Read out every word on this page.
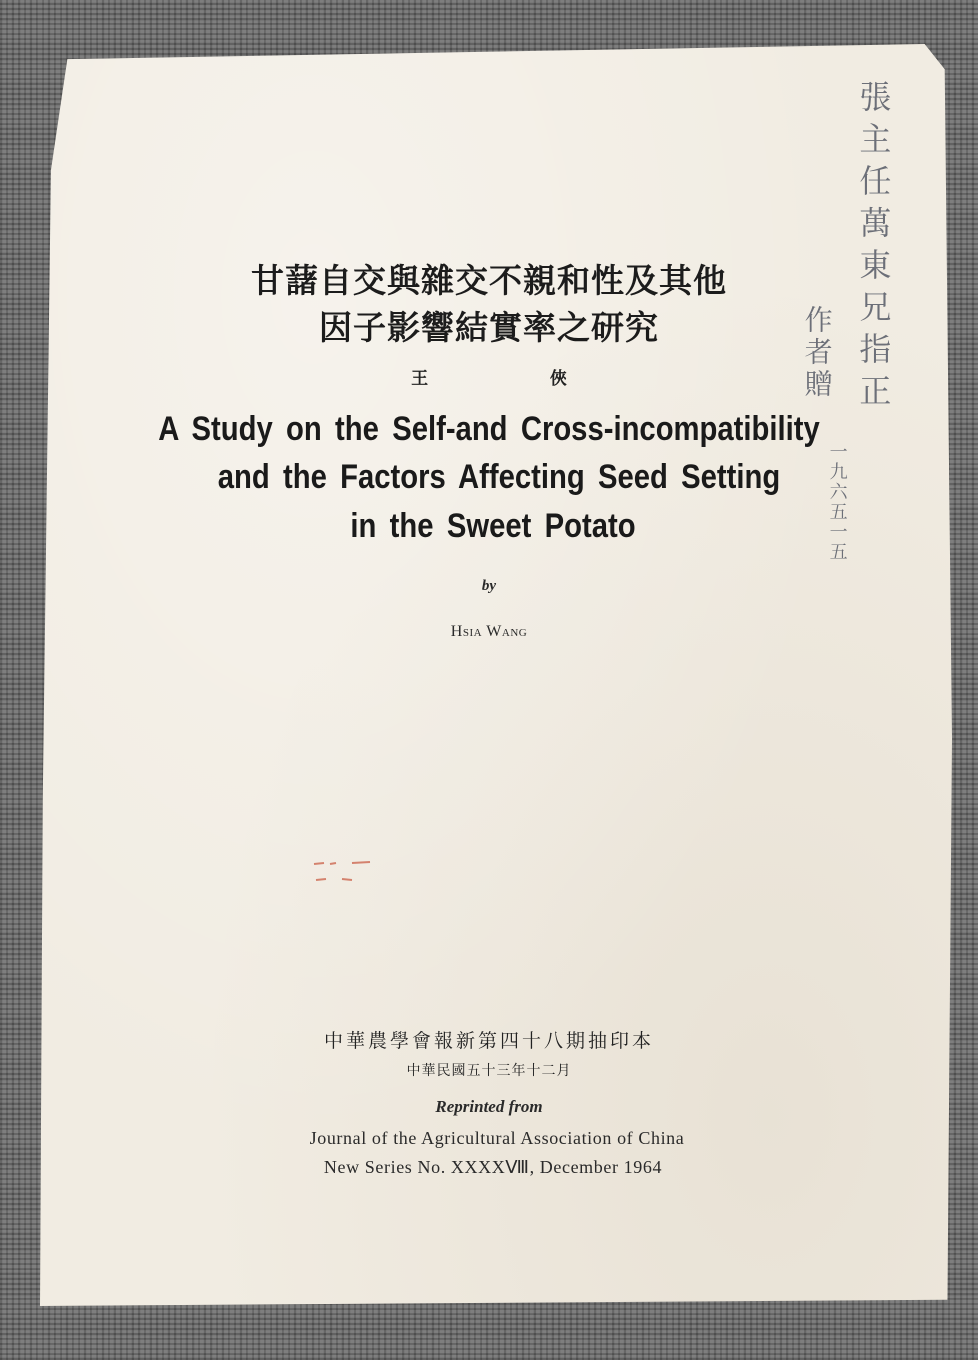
甘藷自交與雜交不親和性及其他
因子影響結實率之研究
王	俠
A Study on the Self-and Cross-incompatibility
and the Factors Affecting Seed Setting
in the Sweet Potato
by
Hsia Wang
中華農學會報新第四十八期抽印本
中華民國五十三年十二月
Reprinted from
Journal of the Agricultural Association of China
New Series No. XXXXⅧ, December 1964
張主任萬東兄指正
作者贈
一九六五一五
